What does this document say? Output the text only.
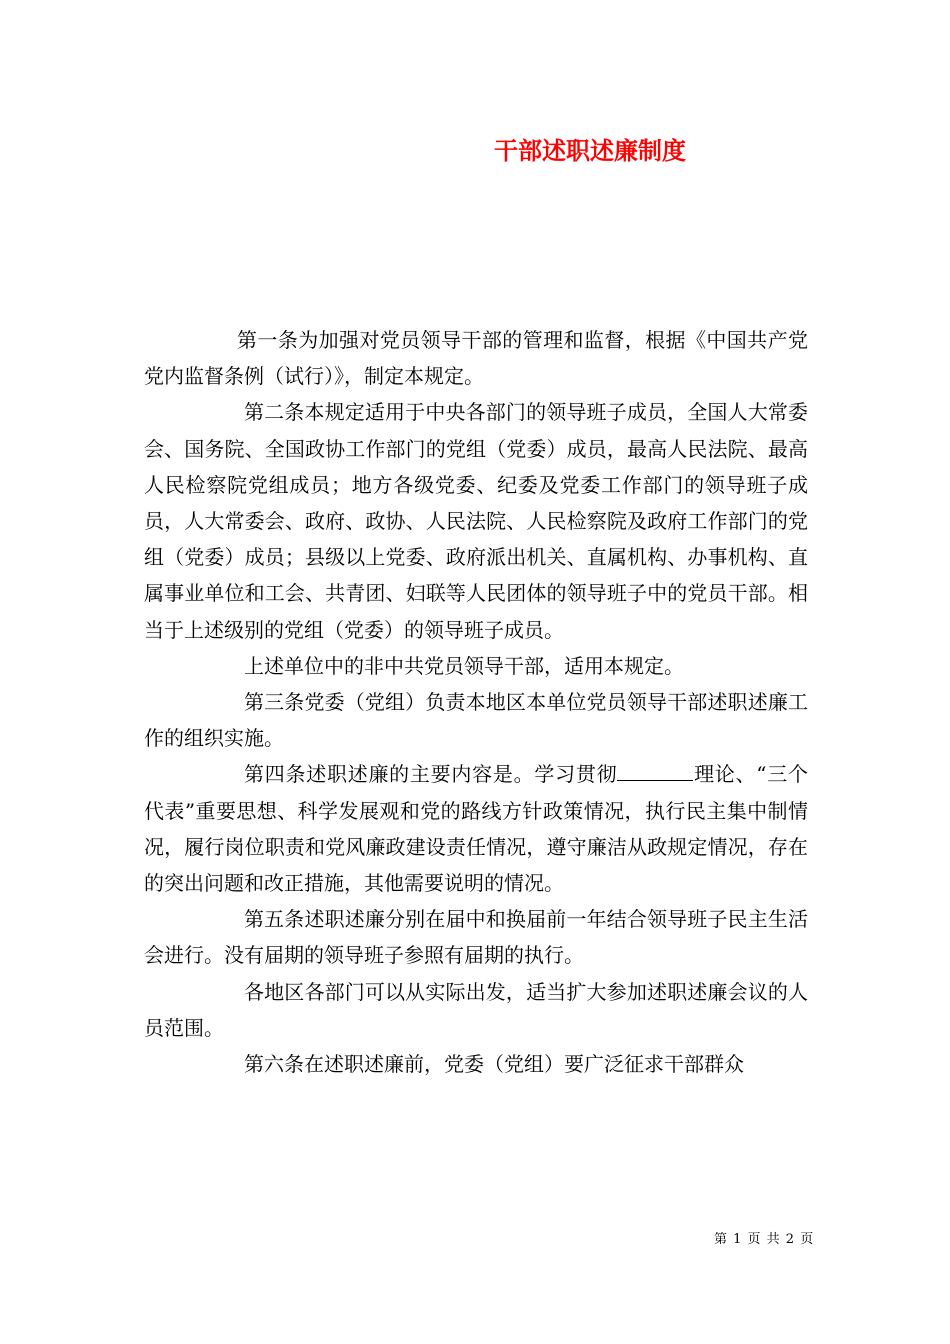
干部述职述廉制度

第一条为加强对党员领导干部的管理和监督，根据《中国共产党党内监督条例（试行）》，制定本规定。

第二条本规定适用于中央各部门的领导班子成员，全国人大常委会、国务院、全国政协工作部门的党组（党委）成员，最高人民法院、最高人民检察院党组成员；地方各级党委、纪委及党委工作部门的领导班子成员，人大常委会、政府、政协、人民法院、人民检察院及政府工作部门的党组（党委）成员；县级以上党委、政府派出机关、直属机构、办事机构、直属事业单位和工会、共青团、妇联等人民团体的领导班子中的党员干部。相当于上述级别的党组（党委）的领导班子成员。

上述单位中的非中共党员领导干部，适用本规定。

第三条党委（党组）负责本地区本单位党员领导干部述职述廉工作的组织实施。

第四条述职述廉的主要内容是。学习贯彻	理论、“三个代表”重要思想、科学发展观和党的路线方针政策情况，执行民主集中制情况，履行岗位职责和党风廉政建设责任情况，遵守廉洁从政规定情况，存在的突出问题和改正措施，其他需要说明的情况。

第五条述职述廉分别在届中和换届前一年结合领导班子民主生活会进行。没有届期的领导班子参照有届期的执行。

各地区各部门可以从实际出发，适当扩大参加述职述廉会议的人员范围。

第六条在述职述廉前，党委（党组）要广泛征求干部群众

第 1 页 共 2 页
